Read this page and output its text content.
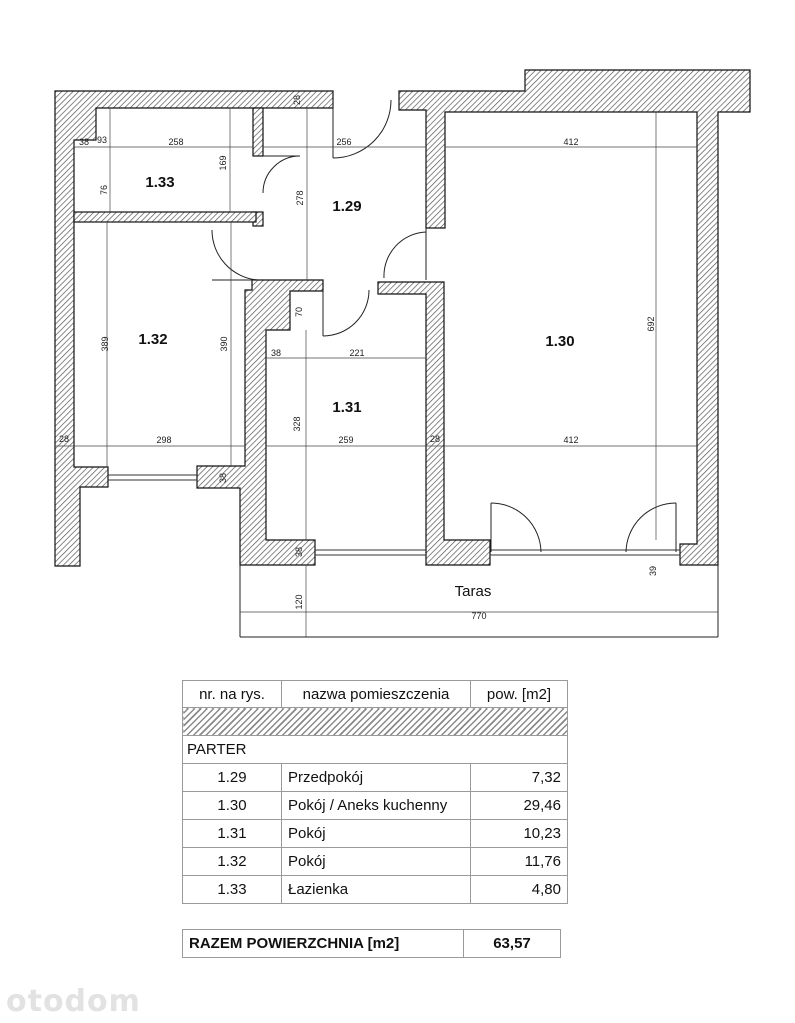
28
38 93	258	256	412
169
76
278
70
389	390
38	221
692
328
28	298	259	28	412
38
38
39
120
770
1.33
1.29
1.32
1.31
1.30
Taras
nr. na rys.	nazwa pomieszczenia	pow. [m2]

PARTER		
1.29	Przedpokój	7,32
1.30	Pokój / Aneks kuchenny	29,46
1.31	Pokój	10,23
1.32	Pokój	11,76
1.33	Łazienka	4,80
RAZEM POWIERZCHNIA [m2]	63,57
otodom
